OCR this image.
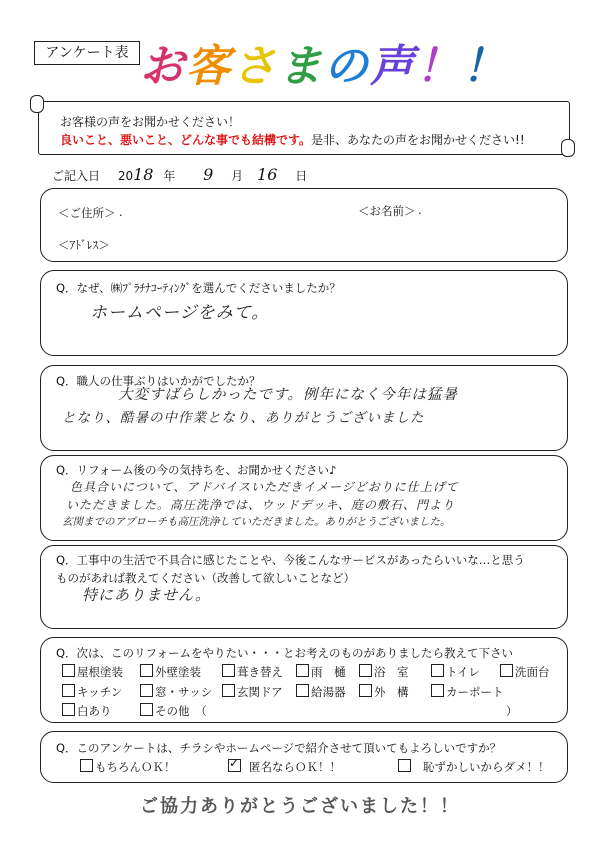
アンケート表 お客さまの声！！
お客様の声をお聞かせください！
良いこと、悪いこと、どんな事でも結構です。是非、あなたの声をお聞かせください!!
ご記入日 2018 年 9 月 16 日
＜ご住所＞ .	＜お名前＞ .
＜ｱﾄﾞﾚｽ＞
Q．なぜ、㈱ﾌﾟﾗﾁﾅｺｰﾃｨﾝｸﾞを選んでくださいましたか？
ホームページをみて。
Q．職人の仕事ぶりはいかがでしたか？
大変すばらしかったです。例年になく今年は猛暑
となり、酷暑の中作業となり、ありがとうございました
Q．リフォーム後の今の気持ちを、お聞かせください♪
色具合いについて、アドバイスいただきイメージどおりに仕上げて
いただきました。高圧洗浄では、ウッドデッキ、庭の敷石、門より
玄関までのアプローチも高圧洗浄していただきました。ありがとうございました。
Q．工事中の生活で不具合に感じたことや、今後こんなサービスがあったらいいな…と思う
ものがあれば教えてください（改善して欲しいことなど）
特にありません。
Q．次は、このリフォームをやりたい・・・とお考えのものがありましたら教えて下さい
屋根塗装	外壁塗装	葺き替え	雨　樋	浴　室	トイレ	洗面台
キッチン	窓・サッシ	玄関ドア	給湯器	外　構	カーポート
白あり	その他　（	）
Q．このアンケートは、チラシやホームページで紹介させて頂いてもよろしいですか？
もちろんＯＫ！
✓	匿名ならＯＫ！！	恥ずかしいからダメ！！
ご協力ありがとうございました！！
